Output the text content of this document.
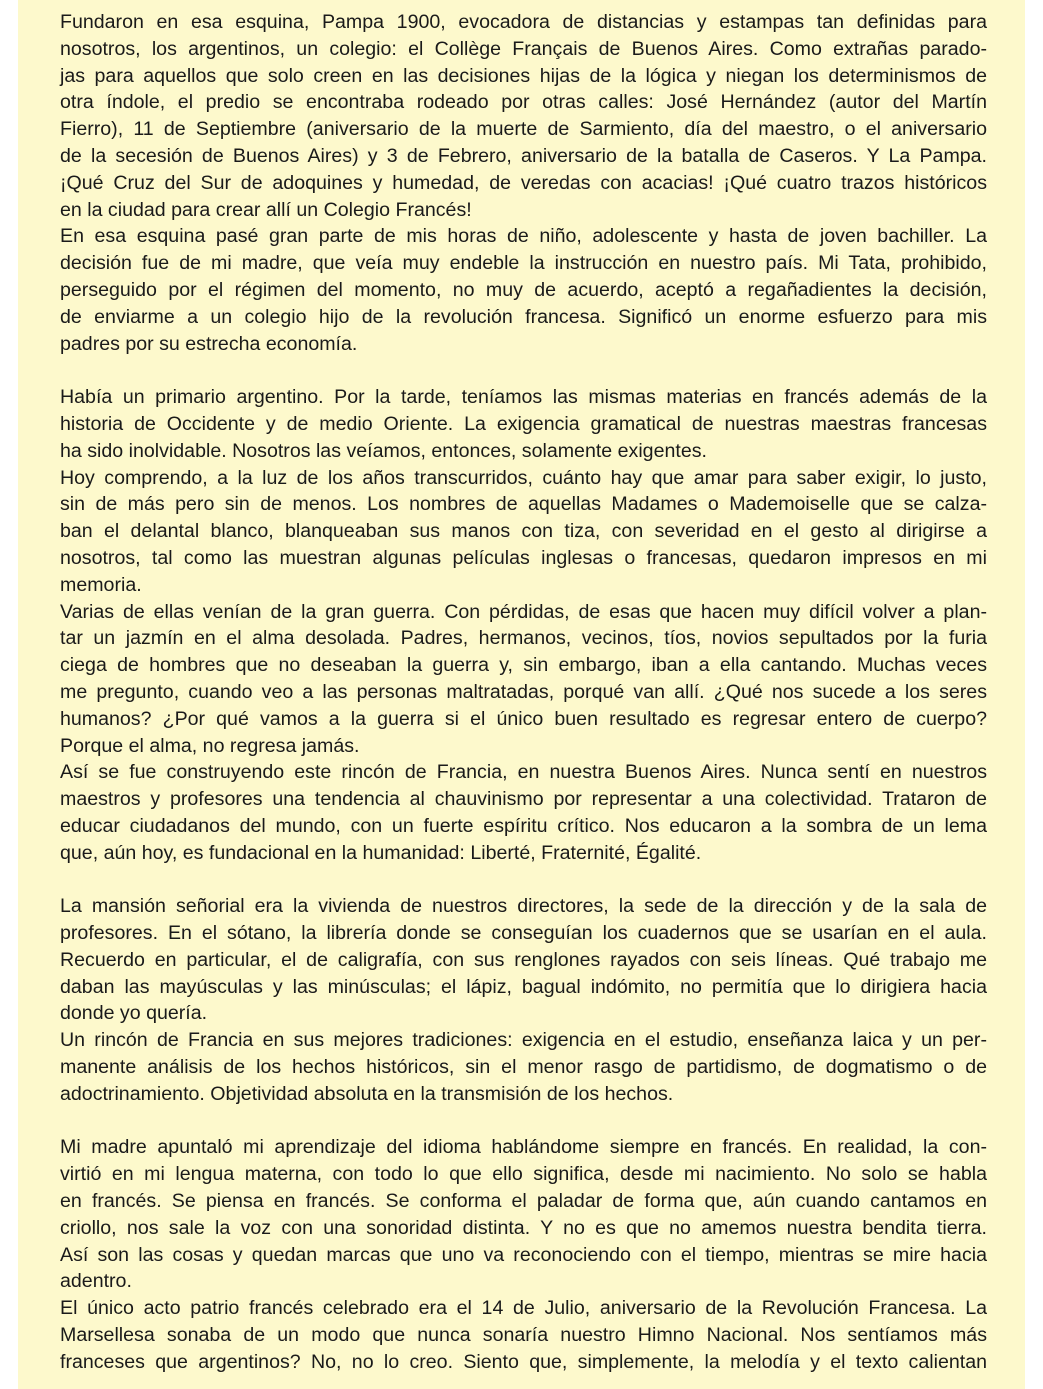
Fundaron en esa esquina, Pampa 1900, evocadora de distancias y estampas tan definidas para
nosotros, los argentinos, un colegio: el Collège Français de Buenos Aires. Como extrañas parado-
jas para aquellos que solo creen en las decisiones hijas de la lógica y niegan los determinismos de
otra índole, el predio se encontraba rodeado por otras calles: José Hernández (autor del Martín
Fierro), 11 de Septiembre (aniversario de la muerte de Sarmiento, día del maestro, o el aniversario
de la secesión de Buenos Aires) y 3 de Febrero, aniversario de la batalla de Caseros. Y La Pampa.
¡Qué Cruz del Sur de adoquines y humedad, de veredas con acacias! ¡Qué cuatro trazos históricos
en la ciudad para crear allí un Colegio Francés!
En esa esquina pasé gran parte de mis horas de niño, adolescente y hasta de joven bachiller. La
decisión fue de mi madre, que veía muy endeble la instrucción en nuestro país. Mi Tata, prohibido,
perseguido por el régimen del momento, no muy de acuerdo, aceptó a regañadientes la decisión,
de enviarme a un colegio hijo de la revolución francesa. Significó un enorme esfuerzo para mis
padres por su estrecha economía.
Había un primario argentino. Por la tarde, teníamos las mismas materias en francés además de la
historia de Occidente y de medio Oriente. La exigencia gramatical de nuestras maestras francesas
ha sido inolvidable. Nosotros las veíamos, entonces, solamente exigentes.
Hoy comprendo, a la luz de los años transcurridos, cuánto hay que amar para saber exigir, lo justo,
sin de más pero sin de menos. Los nombres de aquellas Madames o Mademoiselle que se calza-
ban el delantal blanco, blanqueaban sus manos con tiza, con severidad en el gesto al dirigirse a
nosotros, tal como las muestran algunas películas inglesas o francesas, quedaron impresos en mi
memoria.
Varias de ellas venían de la gran guerra. Con pérdidas, de esas que hacen muy difícil volver a plan-
tar un jazmín en el alma desolada. Padres, hermanos, vecinos, tíos, novios sepultados por la furia
ciega de hombres que no deseaban la guerra y, sin embargo, iban a ella cantando. Muchas veces
me pregunto, cuando veo a las personas maltratadas, porqué van allí. ¿Qué nos sucede a los seres
humanos? ¿Por qué vamos a la guerra si el único buen resultado es regresar entero de cuerpo?
Porque el alma, no regresa jamás.
Así se fue construyendo este rincón de Francia, en nuestra Buenos Aires. Nunca sentí en nuestros
maestros y profesores una tendencia al chauvinismo por representar a una colectividad. Trataron de
educar ciudadanos del mundo, con un fuerte espíritu crítico. Nos educaron a la sombra de un lema
que, aún hoy, es fundacional en la humanidad: Liberté, Fraternité, Égalité.
La mansión señorial era la vivienda de nuestros directores, la sede de la dirección y de la sala de
profesores. En el sótano, la librería donde se conseguían los cuadernos que se usarían en el aula.
Recuerdo en particular, el de caligrafía, con sus renglones rayados con seis líneas. Qué trabajo me
daban las mayúsculas y las minúsculas; el lápiz, bagual indómito, no permitía que lo dirigiera hacia
donde yo quería.
Un rincón de Francia en sus mejores tradiciones: exigencia en el estudio, enseñanza laica y un per-
manente análisis de los hechos históricos, sin el menor rasgo de partidismo, de dogmatismo o de
adoctrinamiento. Objetividad absoluta en la transmisión de los hechos.
Mi madre apuntaló mi aprendizaje del idioma hablándome siempre en francés. En realidad, la con-
virtió en mi lengua materna, con todo lo que ello significa, desde mi nacimiento. No solo se habla
en francés. Se piensa en francés. Se conforma el paladar de forma que, aún cuando cantamos en
criollo, nos sale la voz con una sonoridad distinta. Y no es que no amemos nuestra bendita tierra.
Así son las cosas y quedan marcas que uno va reconociendo con el tiempo, mientras se mire hacia
adentro.
El único acto patrio francés celebrado era el 14 de Julio, aniversario de la Revolución Francesa. La
Marsellesa sonaba de un modo que nunca sonaría nuestro Himno Nacional. Nos sentíamos más
franceses que argentinos? No, no lo creo. Siento que, simplemente, la melodía y el texto calientan
